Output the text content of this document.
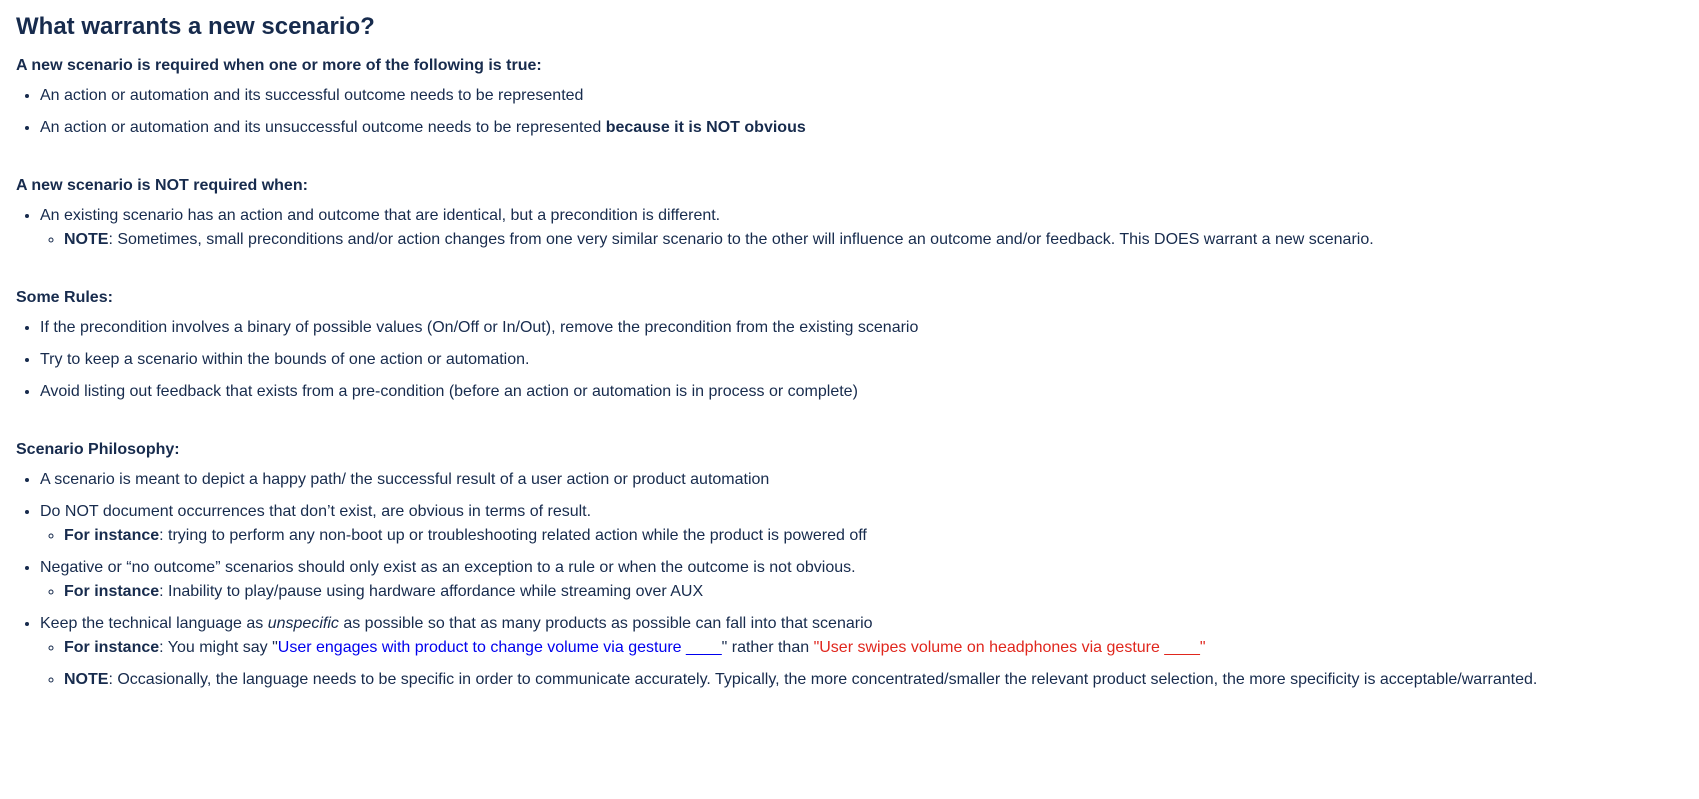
What warrants a new scenario?

A new scenario is required when one or more of the following is true:

• An action or automation and its successful outcome needs to be represented
• An action or automation and its unsuccessful outcome needs to be represented because it is NOT obvious

A new scenario is NOT required when:

• An existing scenario has an action and outcome that are identical, but a precondition is different.
◦ NOTE: Sometimes, small preconditions and/or action changes from one very similar scenario to the other will influence an outcome and/or feedback. This DOES warrant a new scenario.

Some Rules:

• If the precondition involves a binary of possible values (On/Off or In/Out), remove the precondition from the existing scenario
• Try to keep a scenario within the bounds of one action or automation.
• Avoid listing out feedback that exists from a pre-condition (before an action or automation is in process or complete)

Scenario Philosophy:

• A scenario is meant to depict a happy path/ the successful result of a user action or product automation
• Do NOT document occurrences that don’t exist, are obvious in terms of result.
◦ For instance: trying to perform any non-boot up or troubleshooting related action while the product is powered off
• Negative or “no outcome” scenarios should only exist as an exception to a rule or when the outcome is not obvious.
◦ For instance: Inability to play/pause using hardware affordance while streaming over AUX
• Keep the technical language as unspecific as possible so that as many products as possible can fall into that scenario
◦ For instance: You might say "User engages with product to change volume via gesture ____" rather than "User swipes volume on headphones via gesture ____"
◦ NOTE: Occasionally, the language needs to be specific in order to communicate accurately. Typically, the more concentrated/smaller the relevant product selection, the more specificity is acceptable/warranted.
